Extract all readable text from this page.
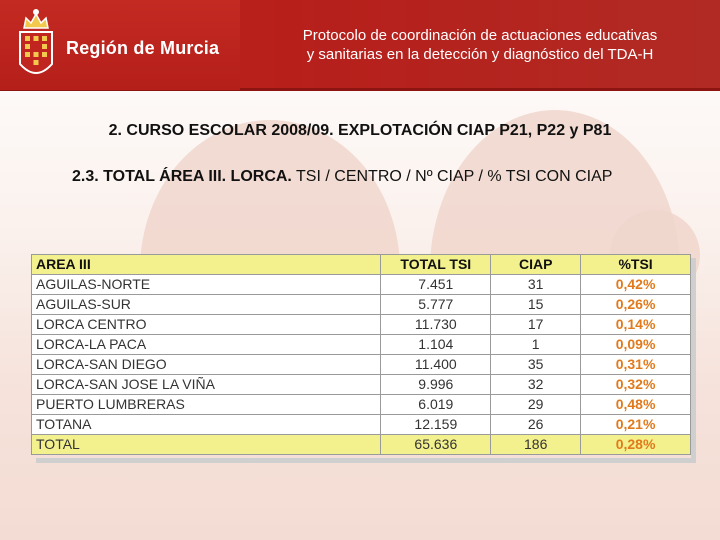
Región de Murcia
Protocolo de coordinación de actuaciones educativas
y sanitarias en la detección y diagnóstico del TDA-H
2. CURSO ESCOLAR 2008/09. EXPLOTACIÓN CIAP P21, P22 y P81
2.3. TOTAL ÁREA III. LORCA. TSI / CENTRO / Nº CIAP / % TSI CON CIAP
AREA III	TOTAL TSI	CIAP	%TSI
AGUILAS-NORTE	7.451	31	0,42%
AGUILAS-SUR	5.777	15	0,26%
LORCA CENTRO	11.730	17	0,14%
LORCA-LA PACA	1.104	1	0,09%
LORCA-SAN DIEGO	11.400	35	0,31%
LORCA-SAN JOSE LA VIÑA	9.996	32	0,32%
PUERTO LUMBRERAS	6.019	29	0,48%
TOTANA	12.159	26	0,21%
TOTAL	65.636	186	0,28%
